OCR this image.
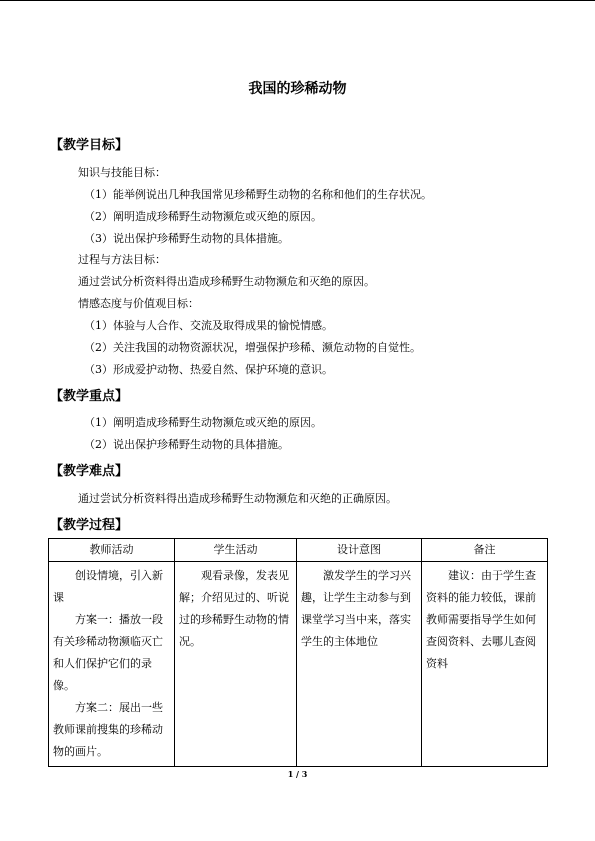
我国的珍稀动物
【教学目标】
知识与技能目标：
（1）能举例说出几种我国常见珍稀野生动物的名称和他们的生存状况。
（2）阐明造成珍稀野生动物濒危或灭绝的原因。
（3）说出保护珍稀野生动物的具体措施。
过程与方法目标：
通过尝试分析资料得出造成珍稀野生动物濒危和灭绝的原因。
情感态度与价值观目标：
（1）体验与人合作、交流及取得成果的愉悦情感。
（2）关注我国的动物资源状况，增强保护珍稀、濒危动物的自觉性。
（3）形成爱护动物、热爱自然、保护环境的意识。
【教学重点】
（1）阐明造成珍稀野生动物濒危或灭绝的原因。
（2）说出保护珍稀野生动物的具体措施。
【教学难点】
通过尝试分析资料得出造成珍稀野生动物濒危和灭绝的正确原因。
【教学过程】
教师活动	学生活动	设计意图	备注

创设情境，引入新课

方案一：播放一段有关珍稀动物濒临灭亡和人们保护它们的录像。

方案二：展出一些教师课前搜集的珍稀动物的画片。	观看录像，发表见解；介绍见过的、听说过的珍稀野生动物的情况。	激发学生的学习兴趣，让学生主动参与到课堂学习当中来，落实学生的主体地位	建议：由于学生查资料的能力较低，课前教师需要指导学生如何查阅资料、去哪儿查阅资料

1 / 3
